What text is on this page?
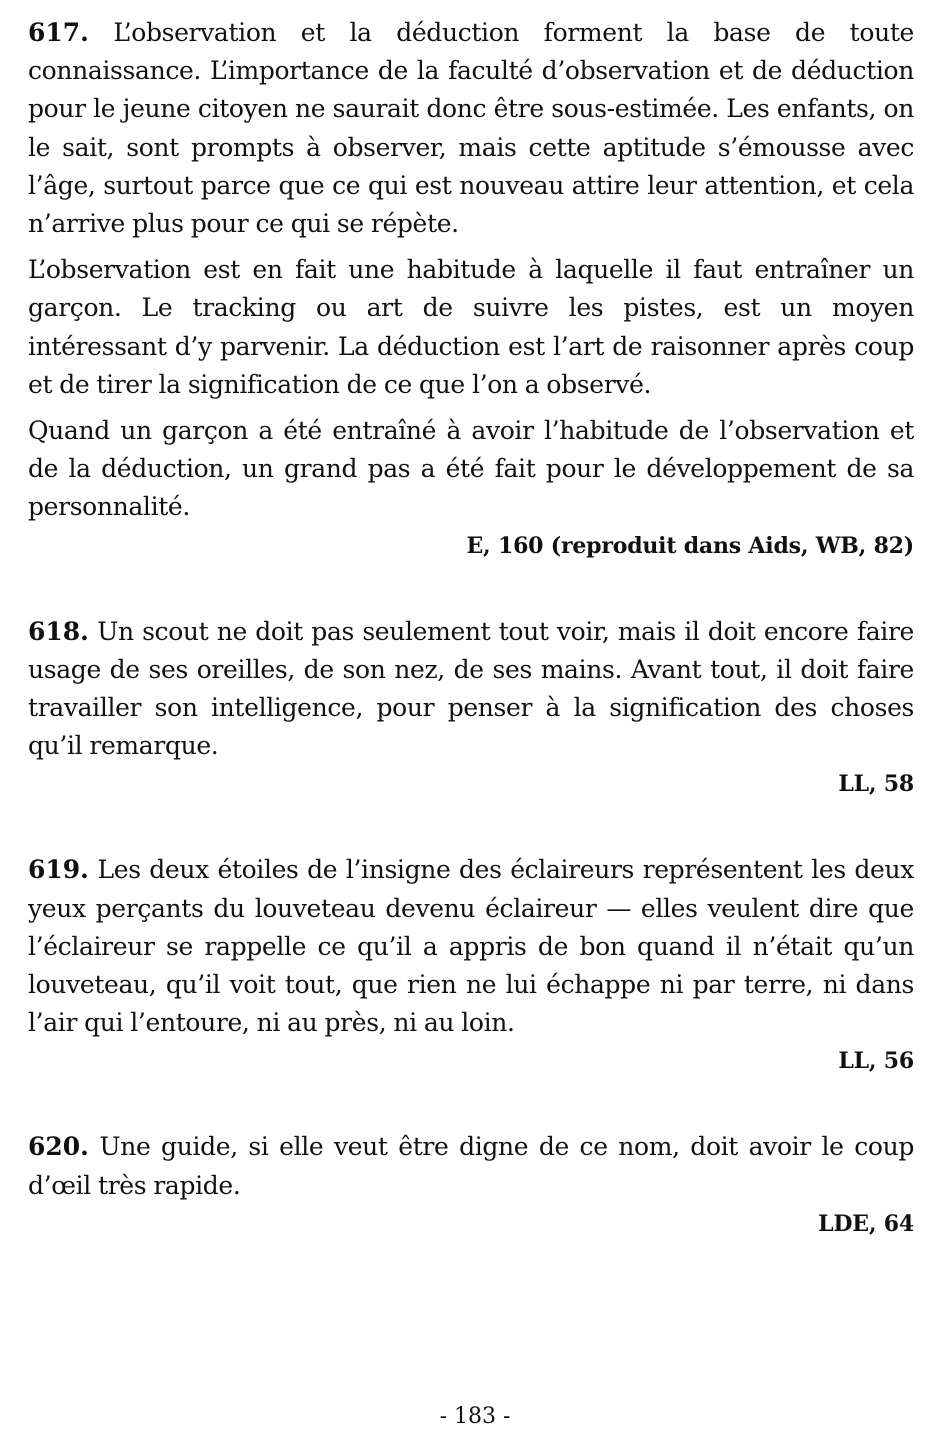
617. L’observation et la déduction forment la base de toute connaissance. L’importance de la faculté d’observation et de déduction pour le jeune citoyen ne saurait donc être sous-estimée. Les enfants, on le sait, sont prompts à observer, mais cette aptitude s’émousse avec l’âge, surtout parce que ce qui est nouveau attire leur attention, et cela n’arrive plus pour ce qui se répète.

L’observation est en fait une habitude à laquelle il faut entraîner un garçon. Le tracking ou art de suivre les pistes, est un moyen intéressant d’y parvenir. La déduction est l’art de raisonner après coup et de tirer la signification de ce que l’on a observé.

Quand un garçon a été entraîné à avoir l’habitude de l’observation et de la déduction, un grand pas a été fait pour le développement de sa personnalité.

E, 160 (reproduit dans Aids, WB, 82)

618. Un scout ne doit pas seulement tout voir, mais il doit encore faire usage de ses oreilles, de son nez, de ses mains. Avant tout, il doit faire travailler son intelligence, pour penser à la signification des choses qu’il remarque.

LL, 58

619. Les deux étoiles de l’insigne des éclaireurs représentent les deux yeux perçants du louveteau devenu éclaireur — elles veulent dire que l’éclaireur se rappelle ce qu’il a appris de bon quand il n’était qu’un louveteau, qu’il voit tout, que rien ne lui échappe ni par terre, ni dans l’air qui l’entoure, ni au près, ni au loin.

LL, 56

620. Une guide, si elle veut être digne de ce nom, doit avoir le coup d’œil très rapide.

LDE, 64
- 183 -
